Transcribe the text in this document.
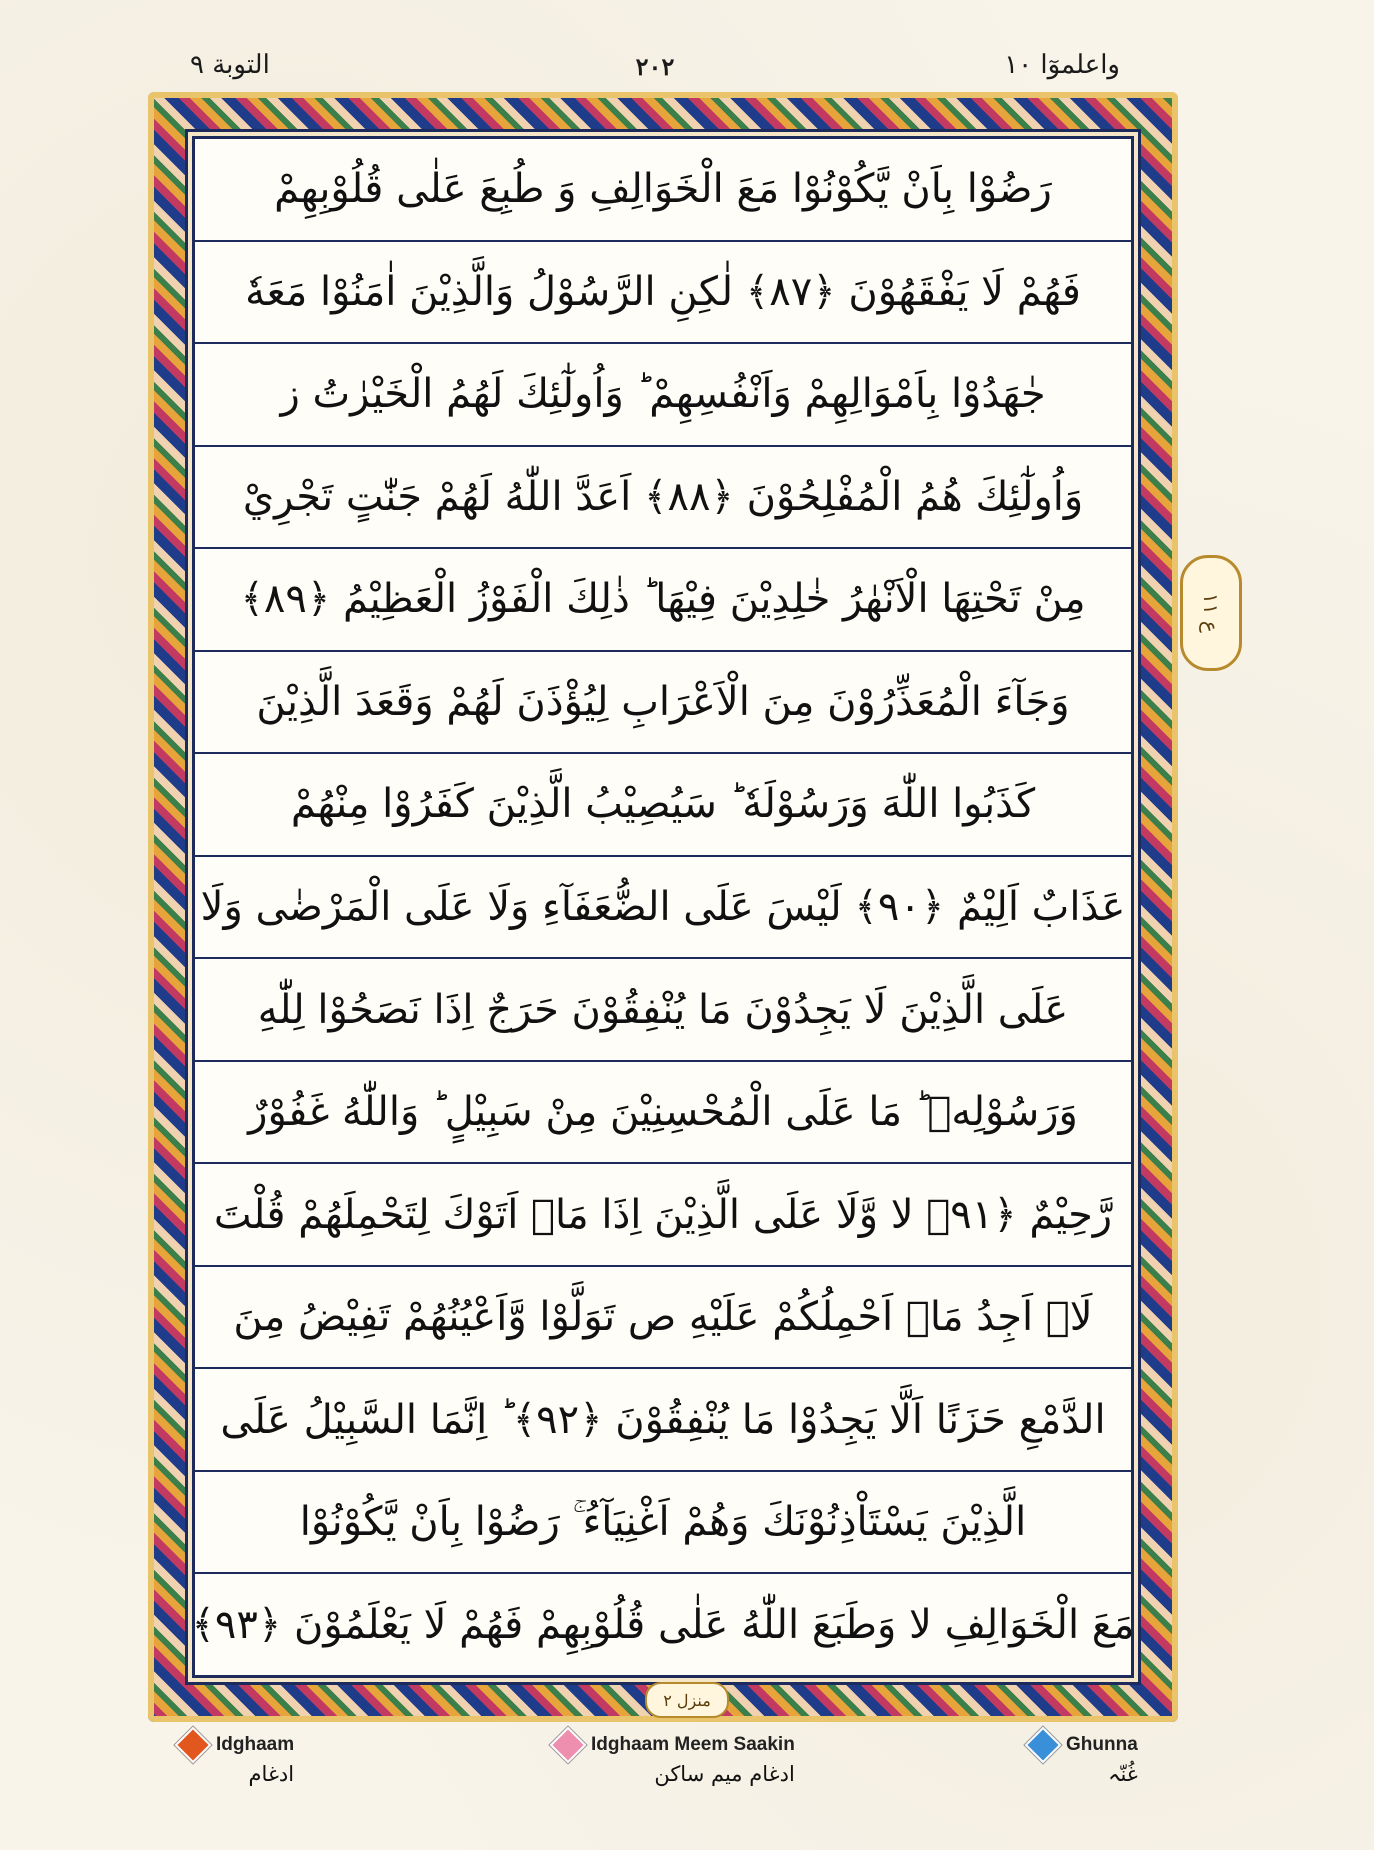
واعلموٓا ١٠
٢٠٢
التوبة ٩
رَضُوْا بِاَنْ يَّكُوْنُوْا مَعَ الْخَوَالِفِ وَ طُبِعَ عَلٰى قُلُوْبِهِمْ
فَهُمْ لَا يَفْقَهُوْنَ ﴿٨٧﴾ لٰكِنِ الرَّسُوْلُ وَالَّذِيْنَ اٰمَنُوْا مَعَهٗ
جٰهَدُوْا بِاَمْوَالِهِمْ وَاَنْفُسِهِمْ ؕ وَاُولٰٓئِكَ لَهُمُ الْخَيْرٰتُ ز
وَاُولٰٓئِكَ هُمُ الْمُفْلِحُوْنَ ﴿٨٨﴾ اَعَدَّ اللّٰهُ لَهُمْ جَنّٰتٍ تَجْرِيْ
مِنْ تَحْتِهَا الْاَنْهٰرُ خٰلِدِيْنَ فِيْهَا ؕ ذٰلِكَ الْفَوْزُ الْعَظِيْمُ ﴿٨٩﴾
وَجَآءَ الْمُعَذِّرُوْنَ مِنَ الْاَعْرَابِ لِيُؤْذَنَ لَهُمْ وَقَعَدَ الَّذِيْنَ
كَذَبُوا اللّٰهَ وَرَسُوْلَهٗ ؕ سَيُصِيْبُ الَّذِيْنَ كَفَرُوْا مِنْهُمْ
عَذَابٌ اَلِيْمٌ ﴿٩٠﴾ لَيْسَ عَلَى الضُّعَفَآءِ وَلَا عَلَى الْمَرْضٰى وَلَا
عَلَى الَّذِيْنَ لَا يَجِدُوْنَ مَا يُنْفِقُوْنَ حَرَجٌ اِذَا نَصَحُوْا لِلّٰهِ
وَرَسُوْلِهٖ ؕ مَا عَلَى الْمُحْسِنِيْنَ مِنْ سَبِيْلٍ ؕ وَاللّٰهُ غَفُوْرٌ
رَّحِيْمٌ ﴿٩١﴾ لا وَّلَا عَلَى الَّذِيْنَ اِذَا مَاۤ اَتَوْكَ لِتَحْمِلَهُمْ قُلْتَ
لَاۤ اَجِدُ مَاۤ اَحْمِلُكُمْ عَلَيْهِ ص تَوَلَّوْا وَّاَعْيُنُهُمْ تَفِيْضُ مِنَ
الدَّمْعِ حَزَنًا اَلَّا يَجِدُوْا مَا يُنْفِقُوْنَ ﴿٩٢﴾ ؕ اِنَّمَا السَّبِيْلُ عَلَى
الَّذِيْنَ يَسْتَاْذِنُوْنَكَ وَهُمْ اَغْنِيَآءُ ۚ رَضُوْا بِاَنْ يَّكُوْنُوْا
مَعَ الْخَوَالِفِ لا وَطَبَعَ اللّٰهُ عَلٰى قُلُوْبِهِمْ فَهُمْ لَا يَعْلَمُوْنَ ﴿٩٣﴾
ع ١١
منزل ٢
Idghaam
ادغام
Idghaam Meem Saakin
ادغام میم ساکن
Ghunna
غُنّہ
